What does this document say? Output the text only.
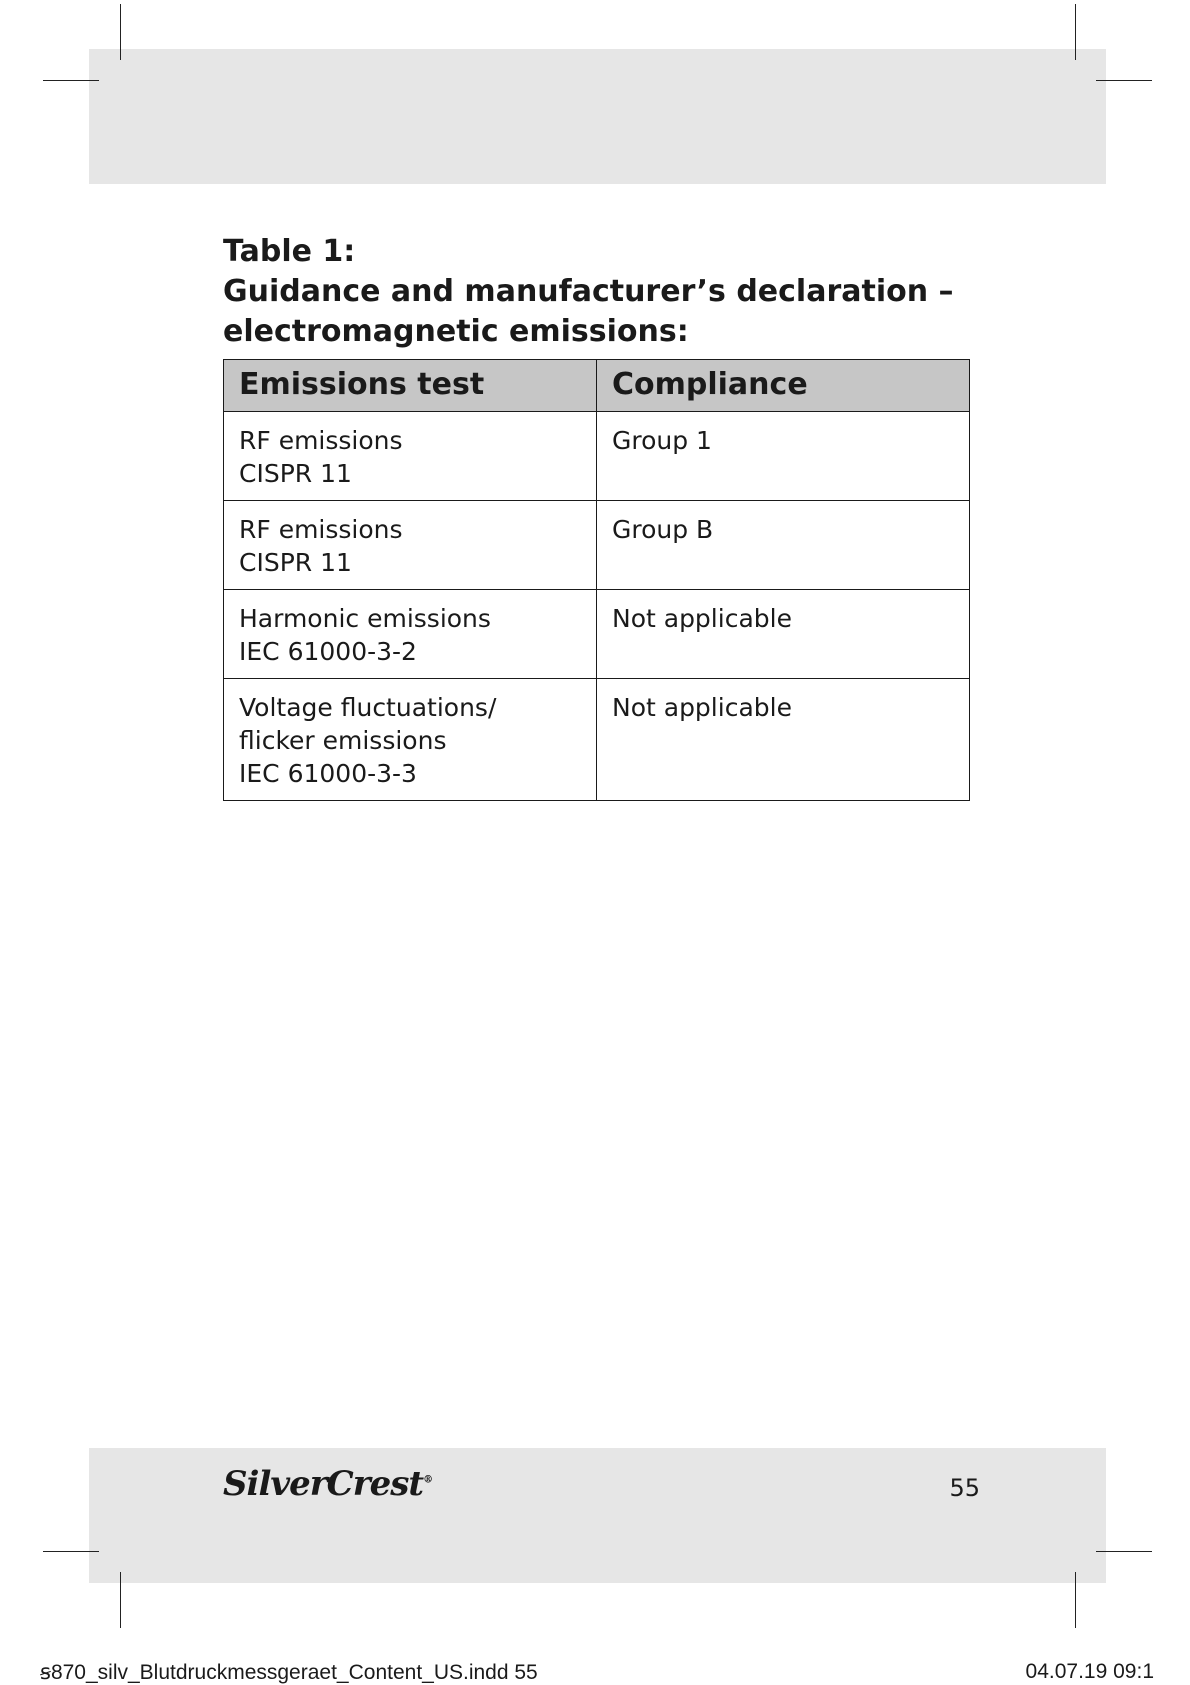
Table 1:
Guidance and manufacturer’s declaration –
electromagnetic emissions:
Emissions test	Compliance

RF emissions
CISPR 11	Group 1

RF emissions
CISPR 11	Group B

Harmonic emissions
IEC 61000-3-2	Not applicable

Voltage fluctuations/
flicker emissions
IEC 61000-3-3	Not applicable
SilverCrest®	55
ꞩ870_silv_Blutdruckmessgeraet_Content_US.indd 55	04.07.19 09:1
